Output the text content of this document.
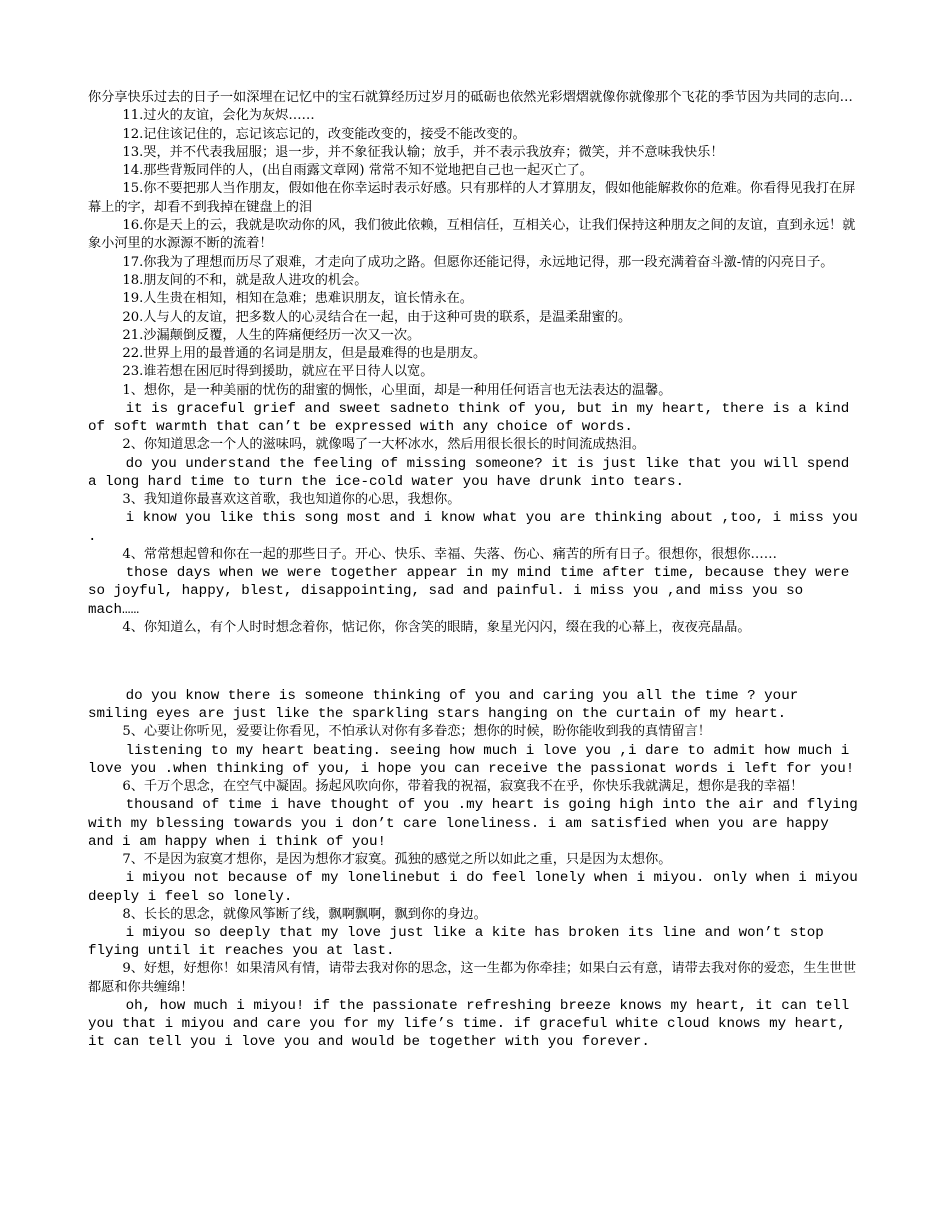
你分享快乐过去的日子一如深埋在记忆中的宝石就算经历过岁月的砥砺也依然光彩熠熠就像你就像那个飞花的季节因为共同的志向…

11.过火的友谊，会化为灰烬……

12.记住该记住的，忘记该忘记的，改变能改变的，接受不能改变的。

13.哭，并不代表我屈服；退一步，并不象征我认输；放手，并不表示我放弃；微笑，并不意味我快乐！

14.那些背叛同伴的人，(出自雨露文章网) 常常不知不觉地把自己也一起灭亡了。

15.你不要把那人当作朋友，假如他在你幸运时表示好感。只有那样的人才算朋友，假如他能解救你的危难。你看得见我打在屏幕上的字，却看不到我掉在键盘上的泪

16.你是天上的云，我就是吹动你的风，我们彼此依赖，互相信任，互相关心，让我们保持这种朋友之间的友谊，直到永远！就象小河里的水源源不断的流着！

17.你我为了理想而历尽了艰难，才走向了成功之路。但愿你还能记得，永远地记得，那一段充满着奋斗激-情的闪亮日子。

18.朋友间的不和，就是敌人进攻的机会。

19.人生贵在相知，相知在急难；患难识朋友，谊长情永在。

20.人与人的友谊，把多数人的心灵结合在一起，由于这种可贵的联系，是温柔甜蜜的。

21.沙漏颠倒反覆，人生的阵痛便经历一次又一次。

22.世界上用的最普通的名词是朋友，但是最难得的也是朋友。

23.谁若想在困厄时得到援助，就应在平日待人以宽。

1、想你，是一种美丽的忧伤的甜蜜的惆怅，心里面，却是一种用任何语言也无法表达的温馨。

it is graceful grief and sweet sadneto think of you, but in my heart, there is a kind of soft warmth that can’t be expressed with any choice of words.

2、你知道思念一个人的滋味吗，就像喝了一大杯冰水，然后用很长很长的时间流成热泪。

do you understand the feeling of missing someone? it is just like that you will spend a long hard time to turn the ice-cold water you have drunk into tears.

3、我知道你最喜欢这首歌，我也知道你的心思，我想你。

i know you like this song most and i know what you are thinking about ,too, i miss you .

4、常常想起曾和你在一起的那些日子。开心、快乐、幸福、失落、伤心、痛苦的所有日子。很想你，很想你……

those days when we were together appear in my mind time after time, because they were so joyful, happy, blest, disappointing, sad and painful. i miss you ,and miss you so mach……

4、你知道么，有个人时时想念着你，惦记你，你含笑的眼睛，象星光闪闪，缀在我的心幕上，夜夜亮晶晶。

do you know there is someone thinking of you and caring you all the time ? your smiling eyes are just like the sparkling stars hanging on the curtain of my heart.

5、心要让你听见，爱要让你看见，不怕承认对你有多眷恋；想你的时候，盼你能收到我的真情留言！

listening to my heart beating. seeing how much i love you ,i dare to admit how much i love you .when thinking of you, i hope you can receive the passionat words i left for you!

6、千万个思念，在空气中凝固。扬起风吹向你，带着我的祝福，寂寞我不在乎，你快乐我就满足，想你是我的幸福！

thousand of time i have thought of you .my heart is going high into the air and flying with my blessing towards you i don’t care loneliness. i am satisfied when you are happy and i am happy when i think of you!

7、不是因为寂寞才想你，是因为想你才寂寞。孤独的感觉之所以如此之重，只是因为太想你。

i miyou not because of my lonelinebut i do feel lonely when i miyou. only when i miyou deeply i feel so lonely.

8、长长的思念，就像风筝断了线，飘啊飘啊，飘到你的身边。

i miyou so deeply that my love just like a kite has broken its line and won’t stop flying until it reaches you at last.

9、好想，好想你！如果清风有情，请带去我对你的思念，这一生都为你牵挂；如果白云有意，请带去我对你的爱恋，生生世世都愿和你共缠绵！

oh, how much i miyou! if the passionate refreshing breeze knows my heart, it can tell you that i miyou and care you for my life’s time. if graceful white cloud knows my heart, it can tell you i love you and would be together with you forever.
